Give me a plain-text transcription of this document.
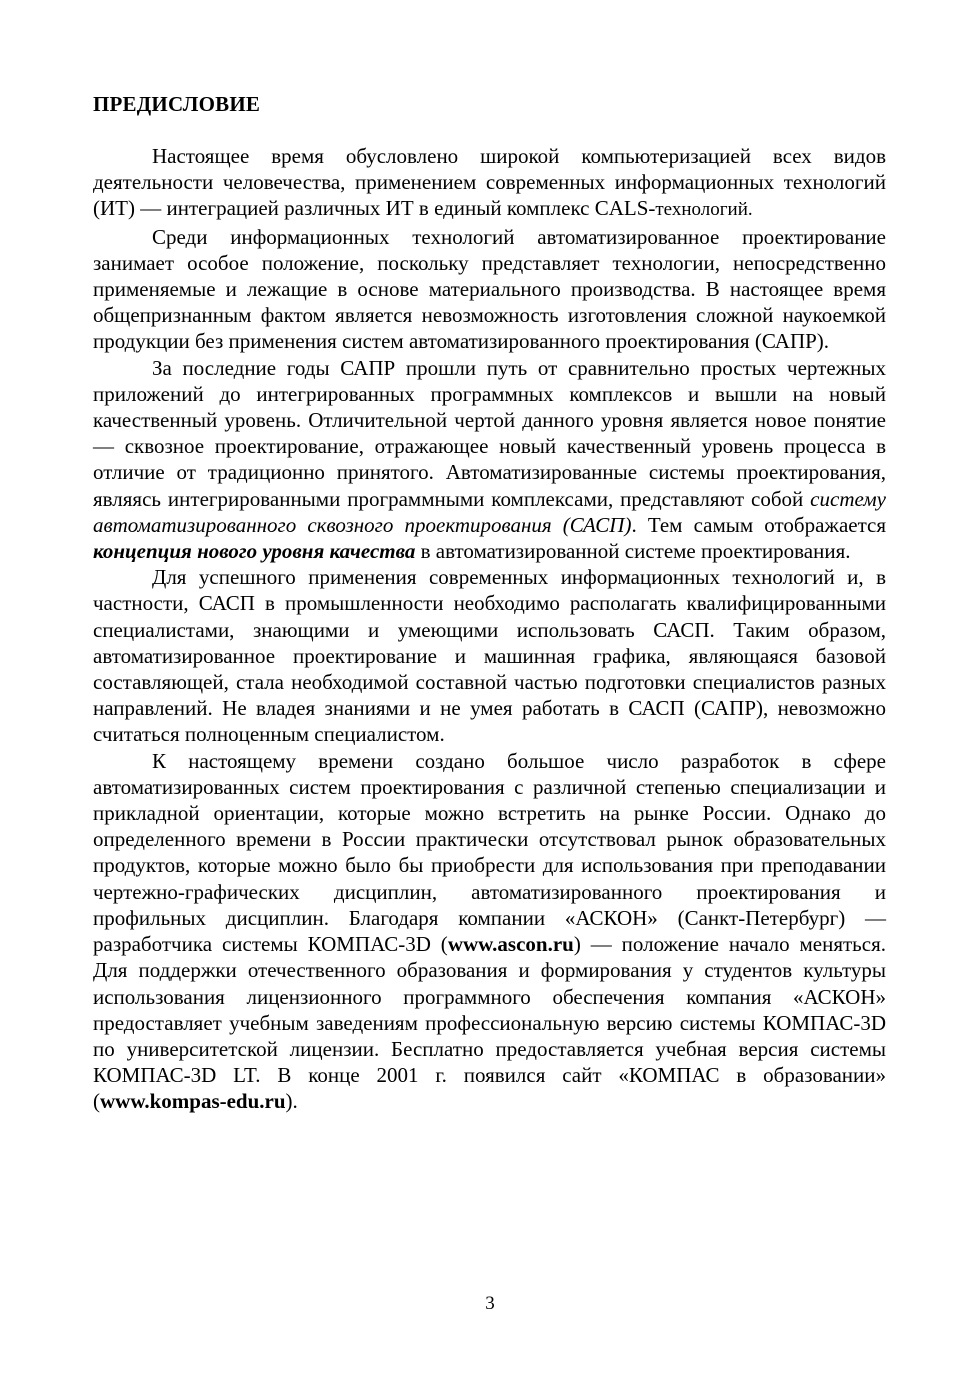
ПРЕДИСЛОВИЕ

Настоящее время обусловлено широкой компьютеризацией всех видов деятельности человечества, применением современных информационных технологий (ИТ) — интеграцией различных ИТ в единый комплекс CALS-технологий.

Среди информационных технологий автоматизированное проектирование занимает особое положение, поскольку представляет технологии, непосредственно применяемые и лежащие в основе материального производства. В настоящее время общепризнанным фактом является невозможность изготовления сложной наукоемкой продукции без применения систем автоматизированного проектирования (САПР).

За последние годы САПР прошли путь от сравнительно простых чертежных приложений до интегрированных программных комплексов и вышли на новый качественный уровень. Отличительной чертой данного уровня является новое понятие — сквозное проектирование, отражающее новый качественный уровень процесса в отличие от традиционно принятого. Автоматизированные системы проектирования, являясь интегрированными программными комплексами, представляют собой систему автоматизированного сквозного проектирования (САСП). Тем самым отображается концепция нового уровня качества в автоматизированной системе проектирования.

Для успешного применения современных информационных технологий и, в частности, САСП в промышленности необходимо располагать квалифицированными специалистами, знающими и умеющими использовать САСП. Таким образом, автоматизированное проектирование и машинная графика, являющаяся базовой составляющей, стала необходимой составной частью подготовки специалистов разных направлений. Не владея знаниями и не умея работать в САСП (САПР), невозможно считаться полноценным специалистом.

К настоящему времени создано большое число разработок в сфере автоматизированных систем проектирования с различной степенью специализации и прикладной ориентации, которые можно встретить на рынке России. Однако до определенного времени в России практически отсутствовал рынок образовательных продуктов, которые можно было бы приобрести для использования при преподавании чертежно-графических дисциплин, автоматизированного проектирования и профильных дисциплин. Благодаря компании «АСКОН» (Санкт-Петербург) — разработчика системы КОМПАС-3D (www.ascon.ru) — положение начало меняться. Для поддержки отечественного образования и формирования у студентов культуры использования лицензионного программного обеспечения компания «АСКОН» предоставляет учебным заведениям профессиональную версию системы КОМПАС-3D по университетской лицензии. Бесплатно предоставляется учебная версия системы КОМПАС-3D LT. В конце 2001 г. появился сайт «КОМПАС в образовании» (www.kompas-edu.ru).

3
